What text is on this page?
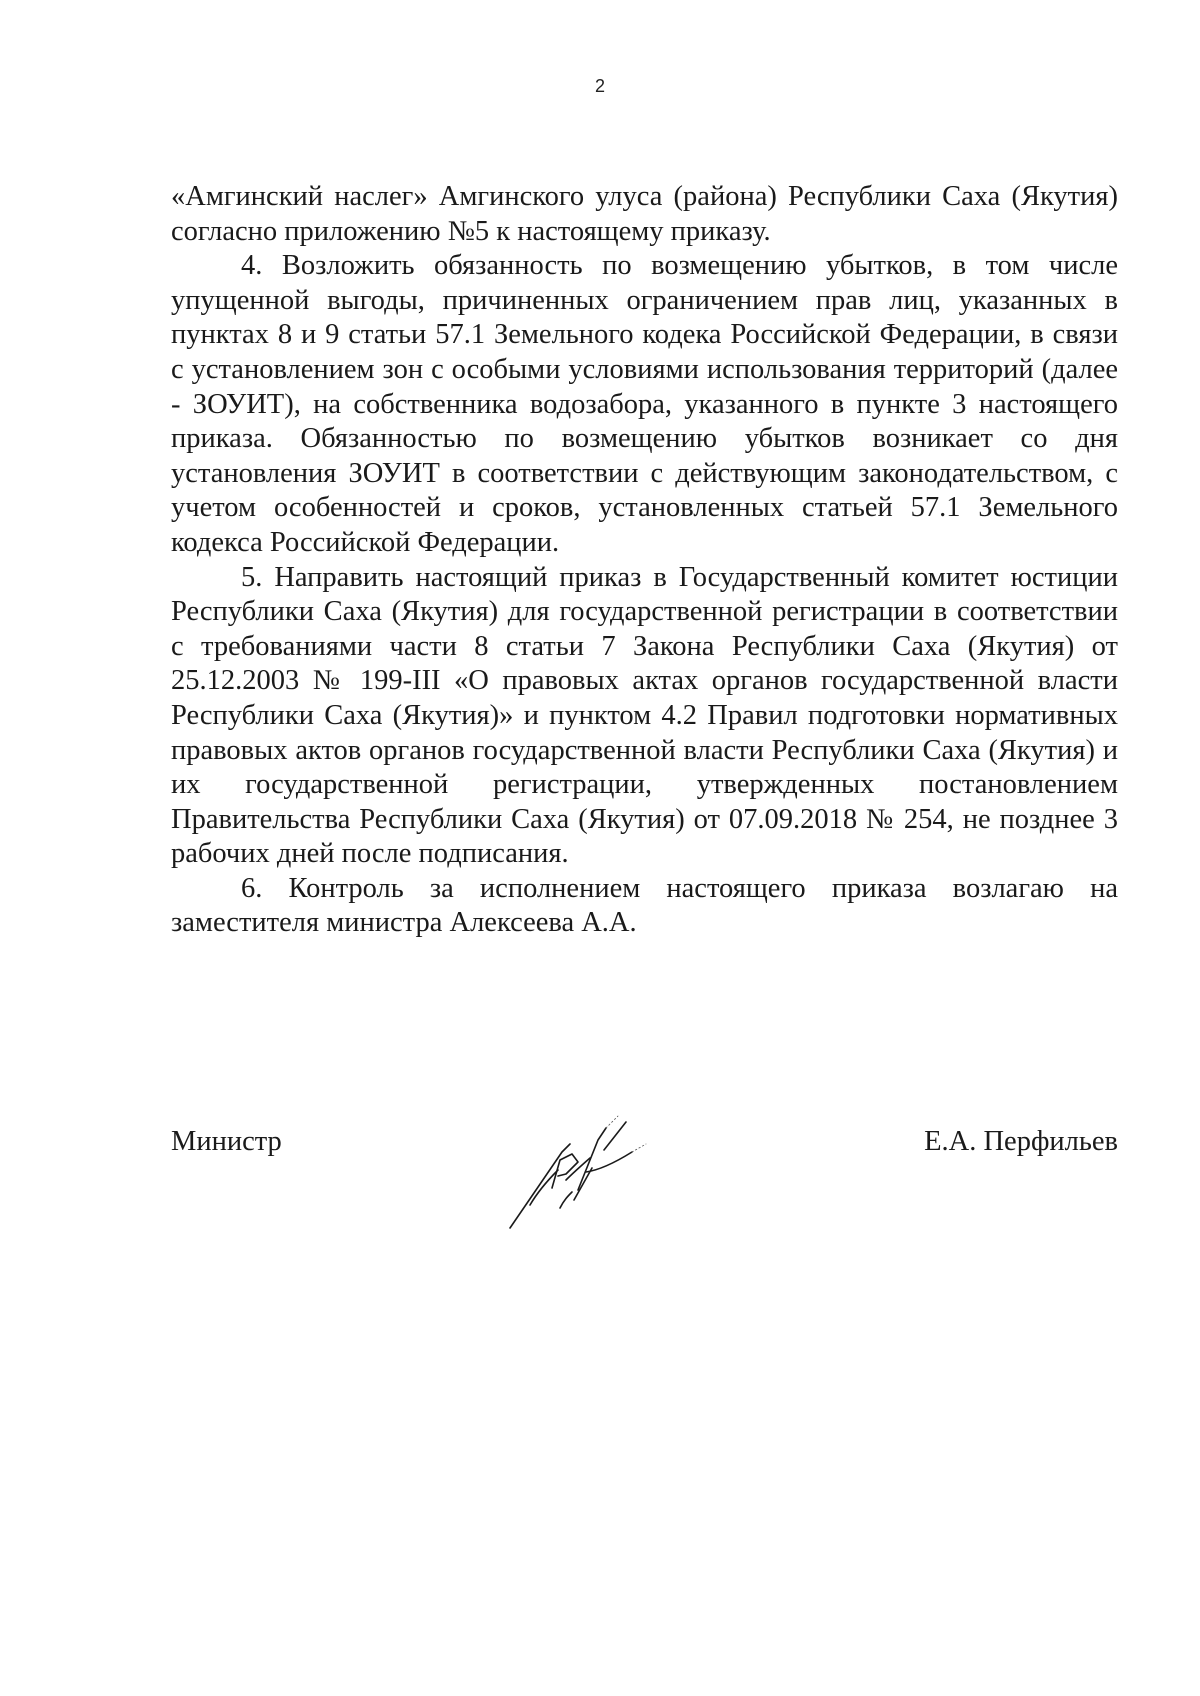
2

«Амгинский наслег» Амгинского улуса (района) Республики Саха (Якутия) согласно приложению №5 к настоящему приказу.

4. Возложить обязанность по возмещению убытков, в том числе упущенной выгоды, причиненных ограничением прав лиц, указанных в пунктах 8 и 9 статьи 57.1 Земельного кодека Российской Федерации, в связи с установлением зон с особыми условиями использования территорий (далее - ЗОУИТ), на собственника водозабора, указанного в пункте 3 настоящего приказа. Обязанностью по возмещению убытков возникает со дня установления ЗОУИТ в соответствии с действующим законодательством, с учетом особенностей и сроков, установленных статьей 57.1 Земельного кодекса Российской Федерации.

5. Направить настоящий приказ в Государственный комитет юстиции Республики Саха (Якутия) для государственной регистрации в соответствии с требованиями части 8 статьи 7 Закона Республики Саха (Якутия) от 25.12.2003 № 199-III «О правовых актах органов государственной власти Республики Саха (Якутия)» и пунктом 4.2 Правил подготовки нормативных правовых актов органов государственной власти Республики Саха (Якутия) и их государственной регистрации, утвержденных постановлением Правительства Республики Саха (Якутия) от 07.09.2018 № 254, не позднее 3 рабочих дней после подписания.

6. Контроль за исполнением настоящего приказа возлагаю на заместителя министра Алексеева А.А.

Министр	Е.А. Перфильев
